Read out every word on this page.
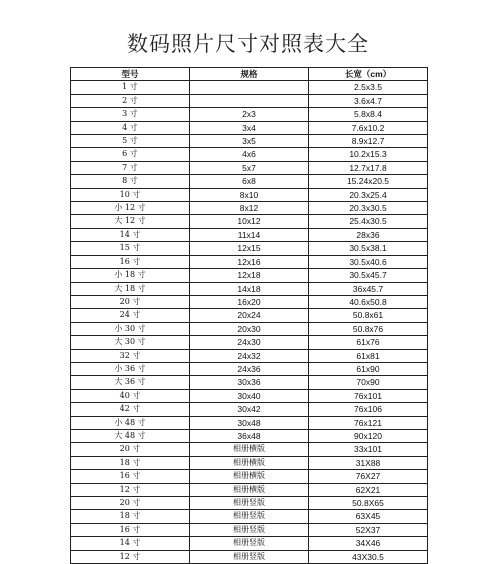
数码照片尺寸对照表大全
型号	规格	长宽（cm）
1 寸		2.5x3.5
2 寸		3.6x4.7
3 寸	2x3	5.8x8.4
4 寸	3x4	7.6x10.2
5 寸	3x5	8.9x12.7
6 寸	4x6	10.2x15.3
7 寸	5x7	12.7x17.8
8 寸	6x8	15.24x20.5
10 寸	8x10	20.3x25.4
小 12 寸	8x12	20.3x30.5
大 12 寸	10x12	25.4x30.5
14 寸	11x14	28x36
15 寸	12x15	30.5x38.1
16 寸	12x16	30.5x40.6
小 18 寸	12x18	30.5x45.7
大 18 寸	14x18	36x45.7
20 寸	16x20	40.6x50.8
24 寸	20x24	50.8x61
小 30 寸	20x30	50.8x76
大 30 寸	24x30	61x76
32 寸	24x32	61x81
小 36 寸	24x36	61x90
大 36 寸	30x36	70x90
40 寸	30x40	76x101
42 寸	30x42	76x106
小 48 寸	30x48	76x121
大 48 寸	36x48	90x120
20 寸	相册横版	33x101
18 寸	相册横版	31X88
16 寸	相册横版	76X27
12 寸	相册横版	62X21
20 寸	相册竖版	50.8X65
18 寸	相册竖版	63X45
16 寸	相册竖版	52X37
14 寸	相册竖版	34X46
12 寸	相册竖版	43X30.5
